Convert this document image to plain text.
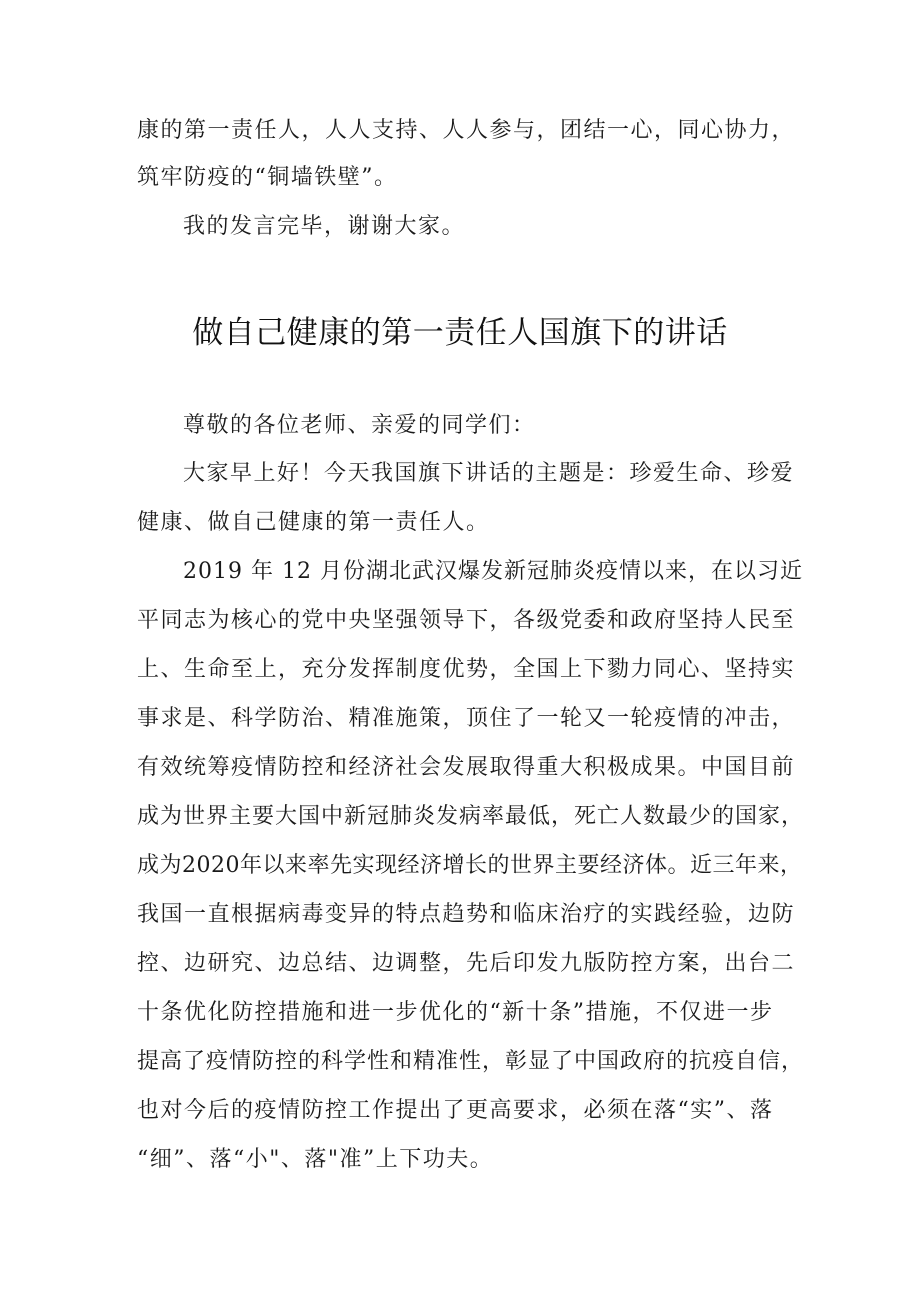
康的第一责任人，人人支持、人人参与，团结一心，同心协力，
筑牢防疫的“铜墙铁壁”。
我的发言完毕，谢谢大家。
做自己健康的第一责任人国旗下的讲话
尊敬的各位老师、亲爱的同学们：
大家早上好！今天我国旗下讲话的主题是：珍爱生命、珍爱
健康、做自己健康的第一责任人。
2019 年 12 月份湖北武汉爆发新冠肺炎疫情以来，在以习近
平同志为核心的党中央坚强领导下，各级党委和政府坚持人民至
上、生命至上，充分发挥制度优势，全国上下勠力同心、坚持实
事求是、科学防治、精准施策，顶住了一轮又一轮疫情的冲击，
有效统筹疫情防控和经济社会发展取得重大积极成果。中国目前
成为世界主要大国中新冠肺炎发病率最低，死亡人数最少的国家，
成为2020年以来率先实现经济增长的世界主要经济体。近三年来，
我国一直根据病毒变异的特点趋势和临床治疗的实践经验，边防
控、边研究、边总结、边调整，先后印发九版防控方案，出台二
十条优化防控措施和进一步优化的“新十条”措施，不仅进一步
提高了疫情防控的科学性和精准性，彰显了中国政府的抗疫自信，
也对今后的疫情防控工作提出了更高要求，必须在落“实”、落
“细”、落“小"、落"准”上下功夫。
